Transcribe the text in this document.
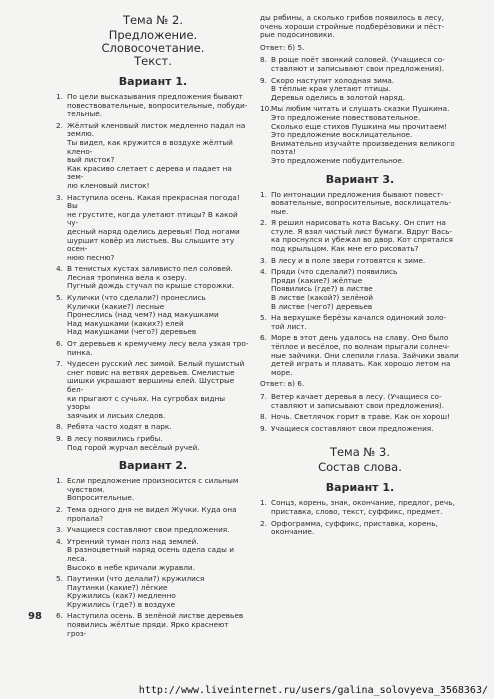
Тема № 2.
Предложение. Словосочетание.
Текст.
Вариант 1.
1. По цели высказывания предложения бывают
повествовательные, вопросительные, побуди-
тельные.
2. Жёлтый кленовый листок медленно падал на
землю.
Ты видел, как кружится в воздухе жёлтый клено-
вый листок?
Как красиво слетает с дерева и падает на зем-
лю кленовый листок!
3. Наступила осень. Какая прекрасная погода! Вы
не грустите, когда улетают птицы? В какой чу-
десный наряд оделись деревья! Под ногами
шуршит ковёр из листьев. Вы слышите эту осен-
нюю песню?
4. В тенистых кустах заливисто пел соловей.
Лесная тропинка вела к озеру.
Пугный дождь стучал по крыше сторожки.
5. Кулички (что сделали?) пронеслись
Кулички (какие?) лесные
Пронеслись (над чем?) над макушками
Над макушками (каких?) елей
Над макушками (чего?) деревьев
6. От деревьев к кремучему лесу вела узкая тро-
пинка.
7. Чудесен русский лес зимой. Белый пушистый
снег повис на ветвях деревьев. Смелистые
шишки украшают вершины елей. Шустрые бел-
ки прыгают с сучьях. На сугробах видны узоры
заячьих и лисьих следов.
8. Ребята часто ходят в парк.
9. В лесу появились грибы.
Под горой журчал весёлый ручей.
Вариант 2.
1. Если предложение произносится с сильным
чувством.
Вопросительные.
2. Тема одного дня не видел Жучки. Куда она
пропала?
3. Учащиеся составляют свои предложения.
4. Утренний туман полз над землей.
В разноцветный наряд осень одела сады и леса.
Высоко в небе кричали журавли.
5. Паутинки (что делали?) кружилися
Паутинки (какие?) лёгкие
Кружились (как?) медленно
Кружились (где?) в воздухе
6. Наступила осень. В зелёной листве деревьев
появились жёлтые пряди. Ярко краснеют гроз-
ды рябины, а сколько грибов появилось в лесу,
очень хороши стройные подберёзовики и пёст-
рые подосиновики.
Ответ: б) 5.
8. В роще поёт звонкий соловей. (Учащиеся со-
ставляют и записывают свои предложения).
9. Скоро наступит холодная зима.
В тёплые края улетают птицы.
Деревья оделись в золотой наряд.
10. Мы любим читать и слушать сказки Пушкина.
Это предложение повествовательное.
Сколько еще стихов Пушкина мы прочитаем!
Это предложение восклицательное.
Внимательно изучайте произведения великого поэта!
Это предложение побудительное.
Вариант 3.
1. По интонации предложения бывают повест-
вовательные, вопросительные, восклицатель-
ные.
2. Я решил нарисовать кота Ваську. Он спит на
стуле. Я взял чистый лист бумаги. Вдруг Вась-
ка проснулся и убежал во двор. Кот спрятался
под крыльцом. Как мне его рисовать?
3. В лесу и в поле звери готовятся к зиме.
4. Пряди (что сделали?) появились
Пряди (какие?) жёлтые
Появились (где?) в листве
В листве (какой?) зелёной
В листве (чего?) деревьев
5. На верхушке берёзы качался одинокий золо-
той лист.
6. Море в этот день удалось на славу. Оно было
тёплое и весёлое, по волнам прыгали солнеч-
ные зайчики. Они слепили глаза. Зайчики звали
детей играть и плавать. Как хорошо летом на
море.
Ответ: в) 6.
7. Ветер качает деревья в лесу. (Учащиеся со-
ставляют и записывают свои предложения).
8. Ночь. Светлячок горит в траве. Как он хорош!
9. Учащиеся составляют свои предложения.
Тема № 3.
Состав слова.
Вариант 1.
1. Сонцз, корень, знак, окончание, предлог, речь,
приставка, слово, текст, суффикс, предмет.
2. Орфограмма, суффикс, приставка, корень,
окончание.
98
http://www.liveinternet.ru/users/galina_solovyeva_3568363/
